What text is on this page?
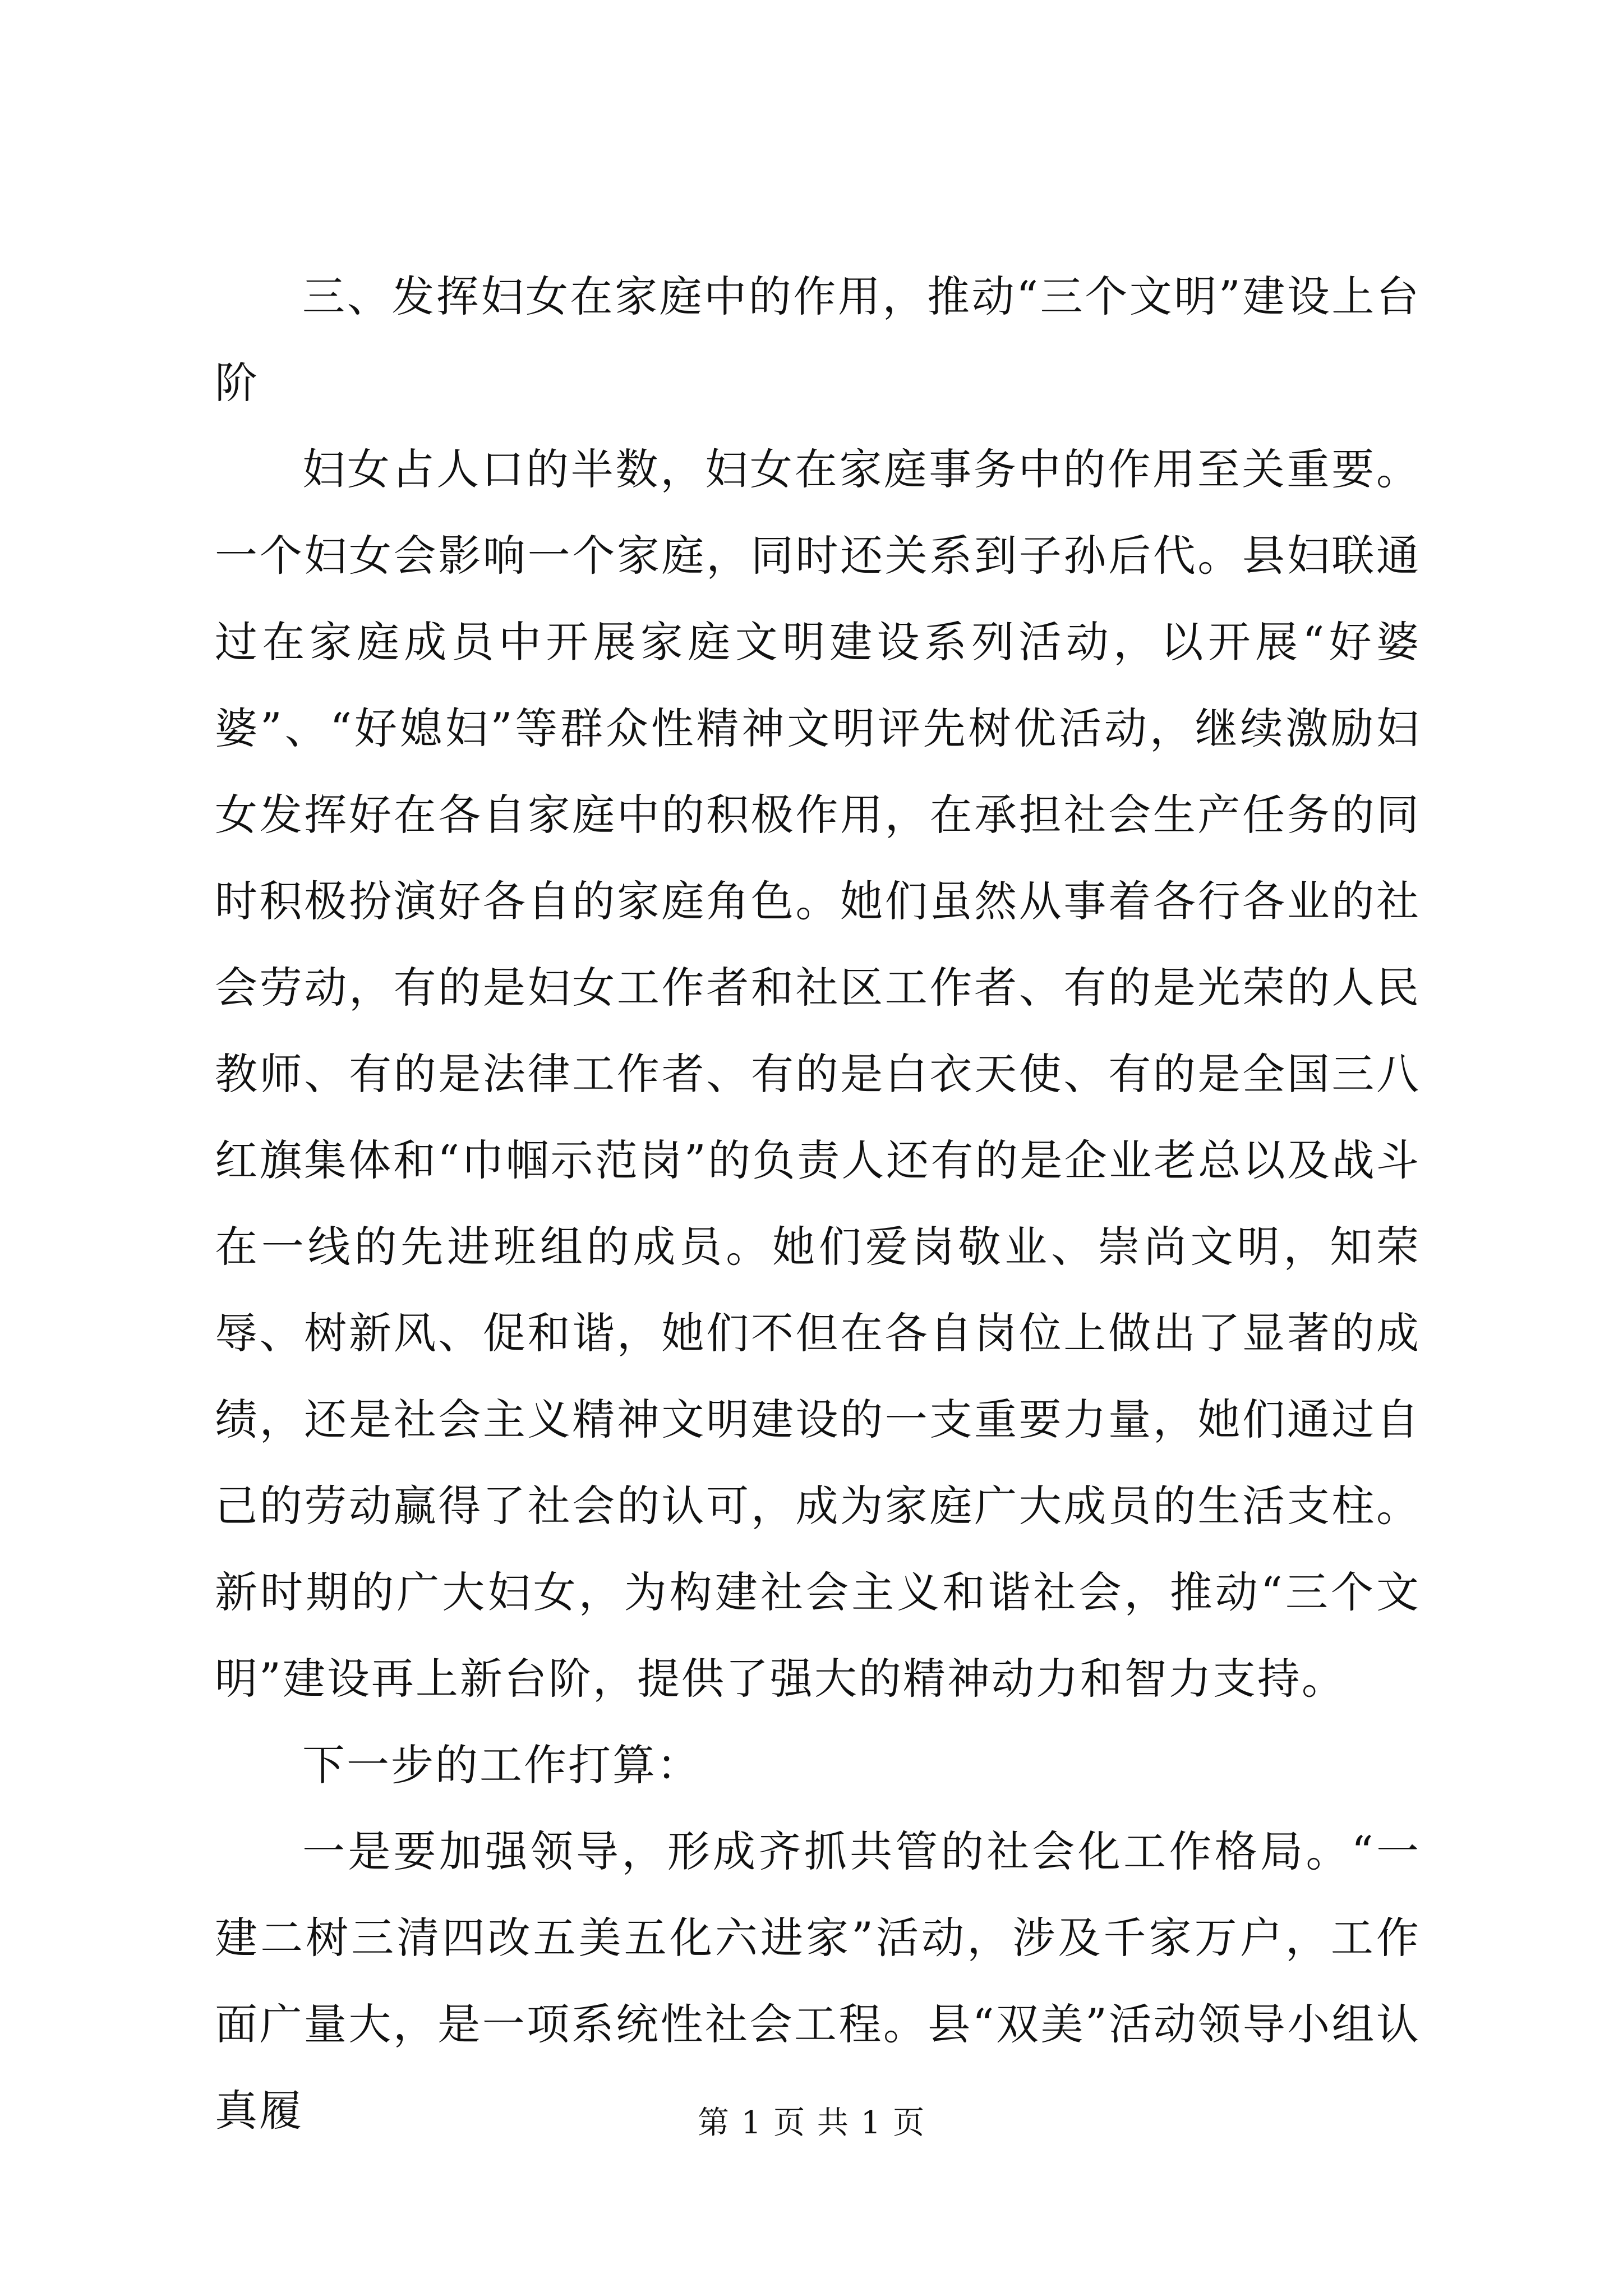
三、发挥妇女在家庭中的作用，推动“三个文明”建设上台阶

妇女占人口的半数，妇女在家庭事务中的作用至关重要。一个妇女会影响一个家庭，同时还关系到子孙后代。县妇联通过在家庭成员中开展家庭文明建设系列活动，以开展“好婆婆”、“好媳妇”等群众性精神文明评先树优活动，继续激励妇女发挥好在各自家庭中的积极作用，在承担社会生产任务的同时积极扮演好各自的家庭角色。她们虽然从事着各行各业的社会劳动，有的是妇女工作者和社区工作者、有的是光荣的人民教师、有的是法律工作者、有的是白衣天使、有的是全国三八红旗集体和“巾帼示范岗”的负责人还有的是企业老总以及战斗在一线的先进班组的成员。她们爱岗敬业、崇尚文明，知荣辱、树新风、促和谐，她们不但在各自岗位上做出了显著的成绩，还是社会主义精神文明建设的一支重要力量，她们通过自己的劳动赢得了社会的认可，成为家庭广大成员的生活支柱。新时期的广大妇女，为构建社会主义和谐社会，推动“三个文明”建设再上新台阶，提供了强大的精神动力和智力支持。

下一步的工作打算：

一是要加强领导，形成齐抓共管的社会化工作格局。“一建二树三清四改五美五化六进家”活动，涉及千家万户，工作面广量大，是一项系统性社会工程。县“双美”活动领导小组认真履	第 1 页 共 1 页
